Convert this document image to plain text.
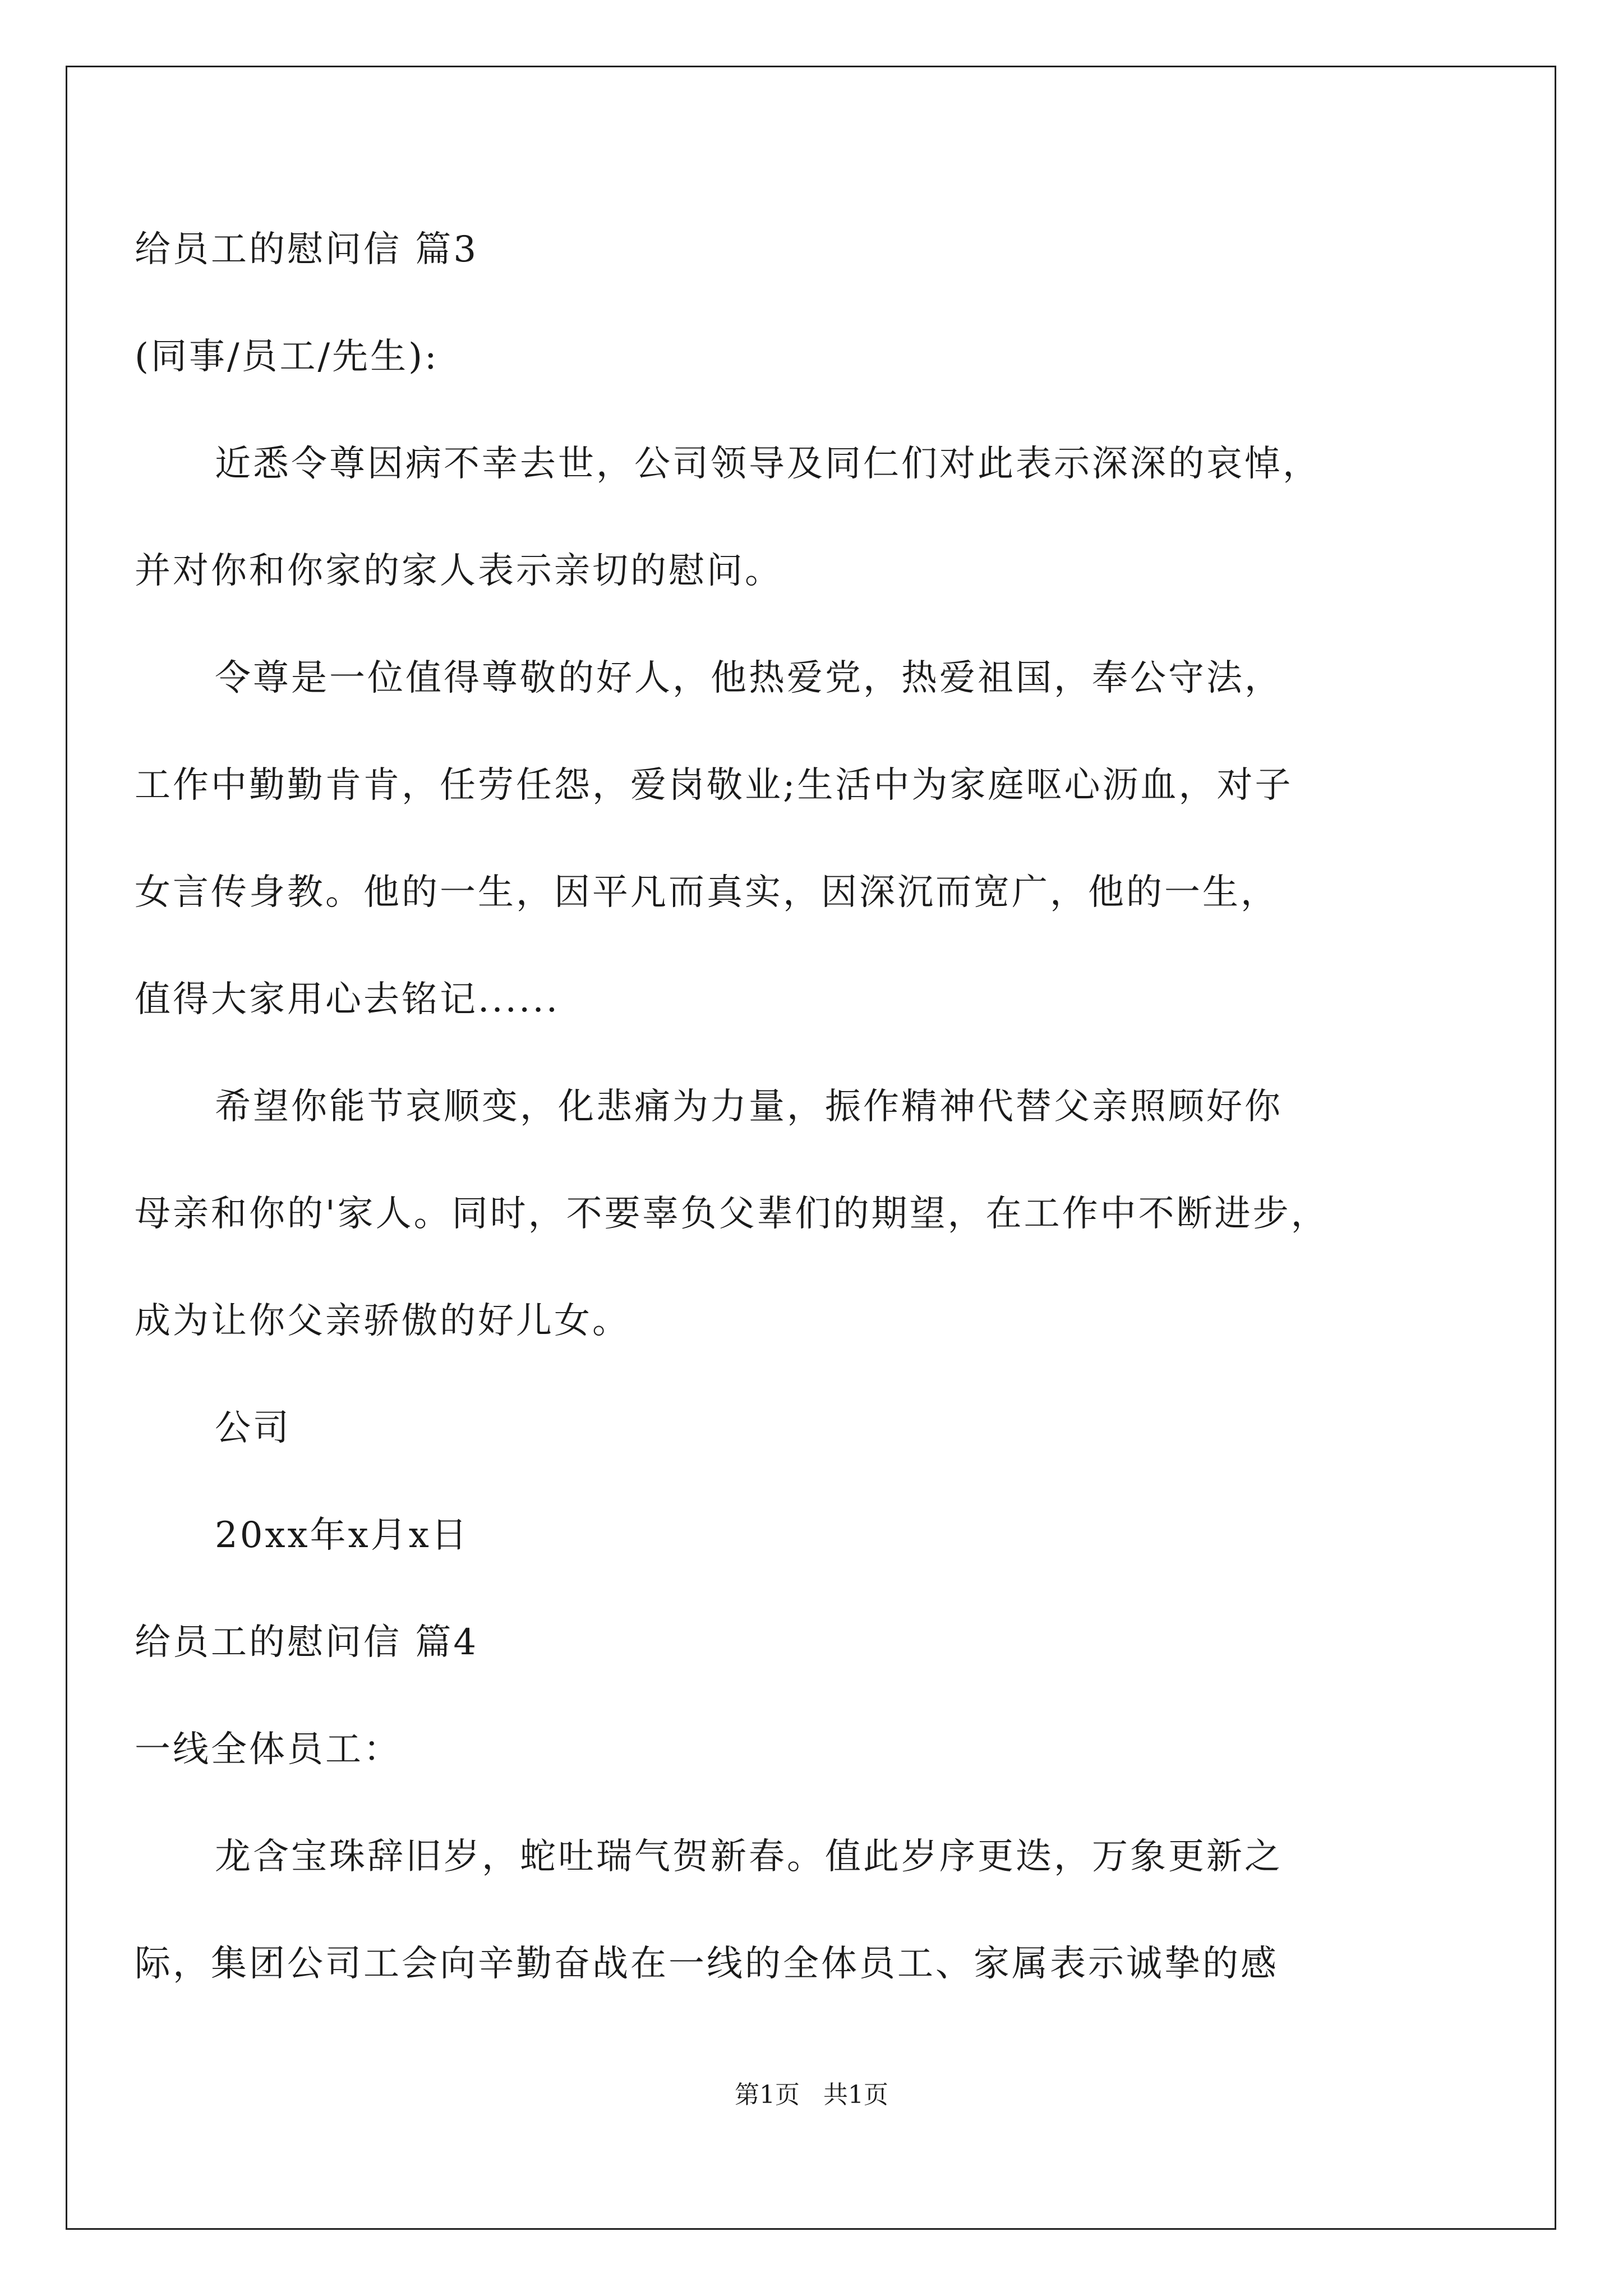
给员工的慰问信 篇3
(同事/员工/先生):
近悉令尊因病不幸去世，公司领导及同仁们对此表示深深的哀悼，
并对你和你家的家人表示亲切的慰问。
令尊是一位值得尊敬的好人，他热爱党，热爱祖国，奉公守法，
工作中勤勤肯肯，任劳任怨，爱岗敬业;生活中为家庭呕心沥血，对子
女言传身教。他的一生，因平凡而真实，因深沉而宽广，他的一生，
值得大家用心去铭记......
希望你能节哀顺变，化悲痛为力量，振作精神代替父亲照顾好你
母亲和你的'家人。同时，不要辜负父辈们的期望，在工作中不断进步，
成为让你父亲骄傲的好儿女。
公司
20xx年x月x日
给员工的慰问信 篇4
一线全体员工：
龙含宝珠辞旧岁，蛇吐瑞气贺新春。值此岁序更迭，万象更新之
际，集团公司工会向辛勤奋战在一线的全体员工、家属表示诚挚的感
第1页   共1页
